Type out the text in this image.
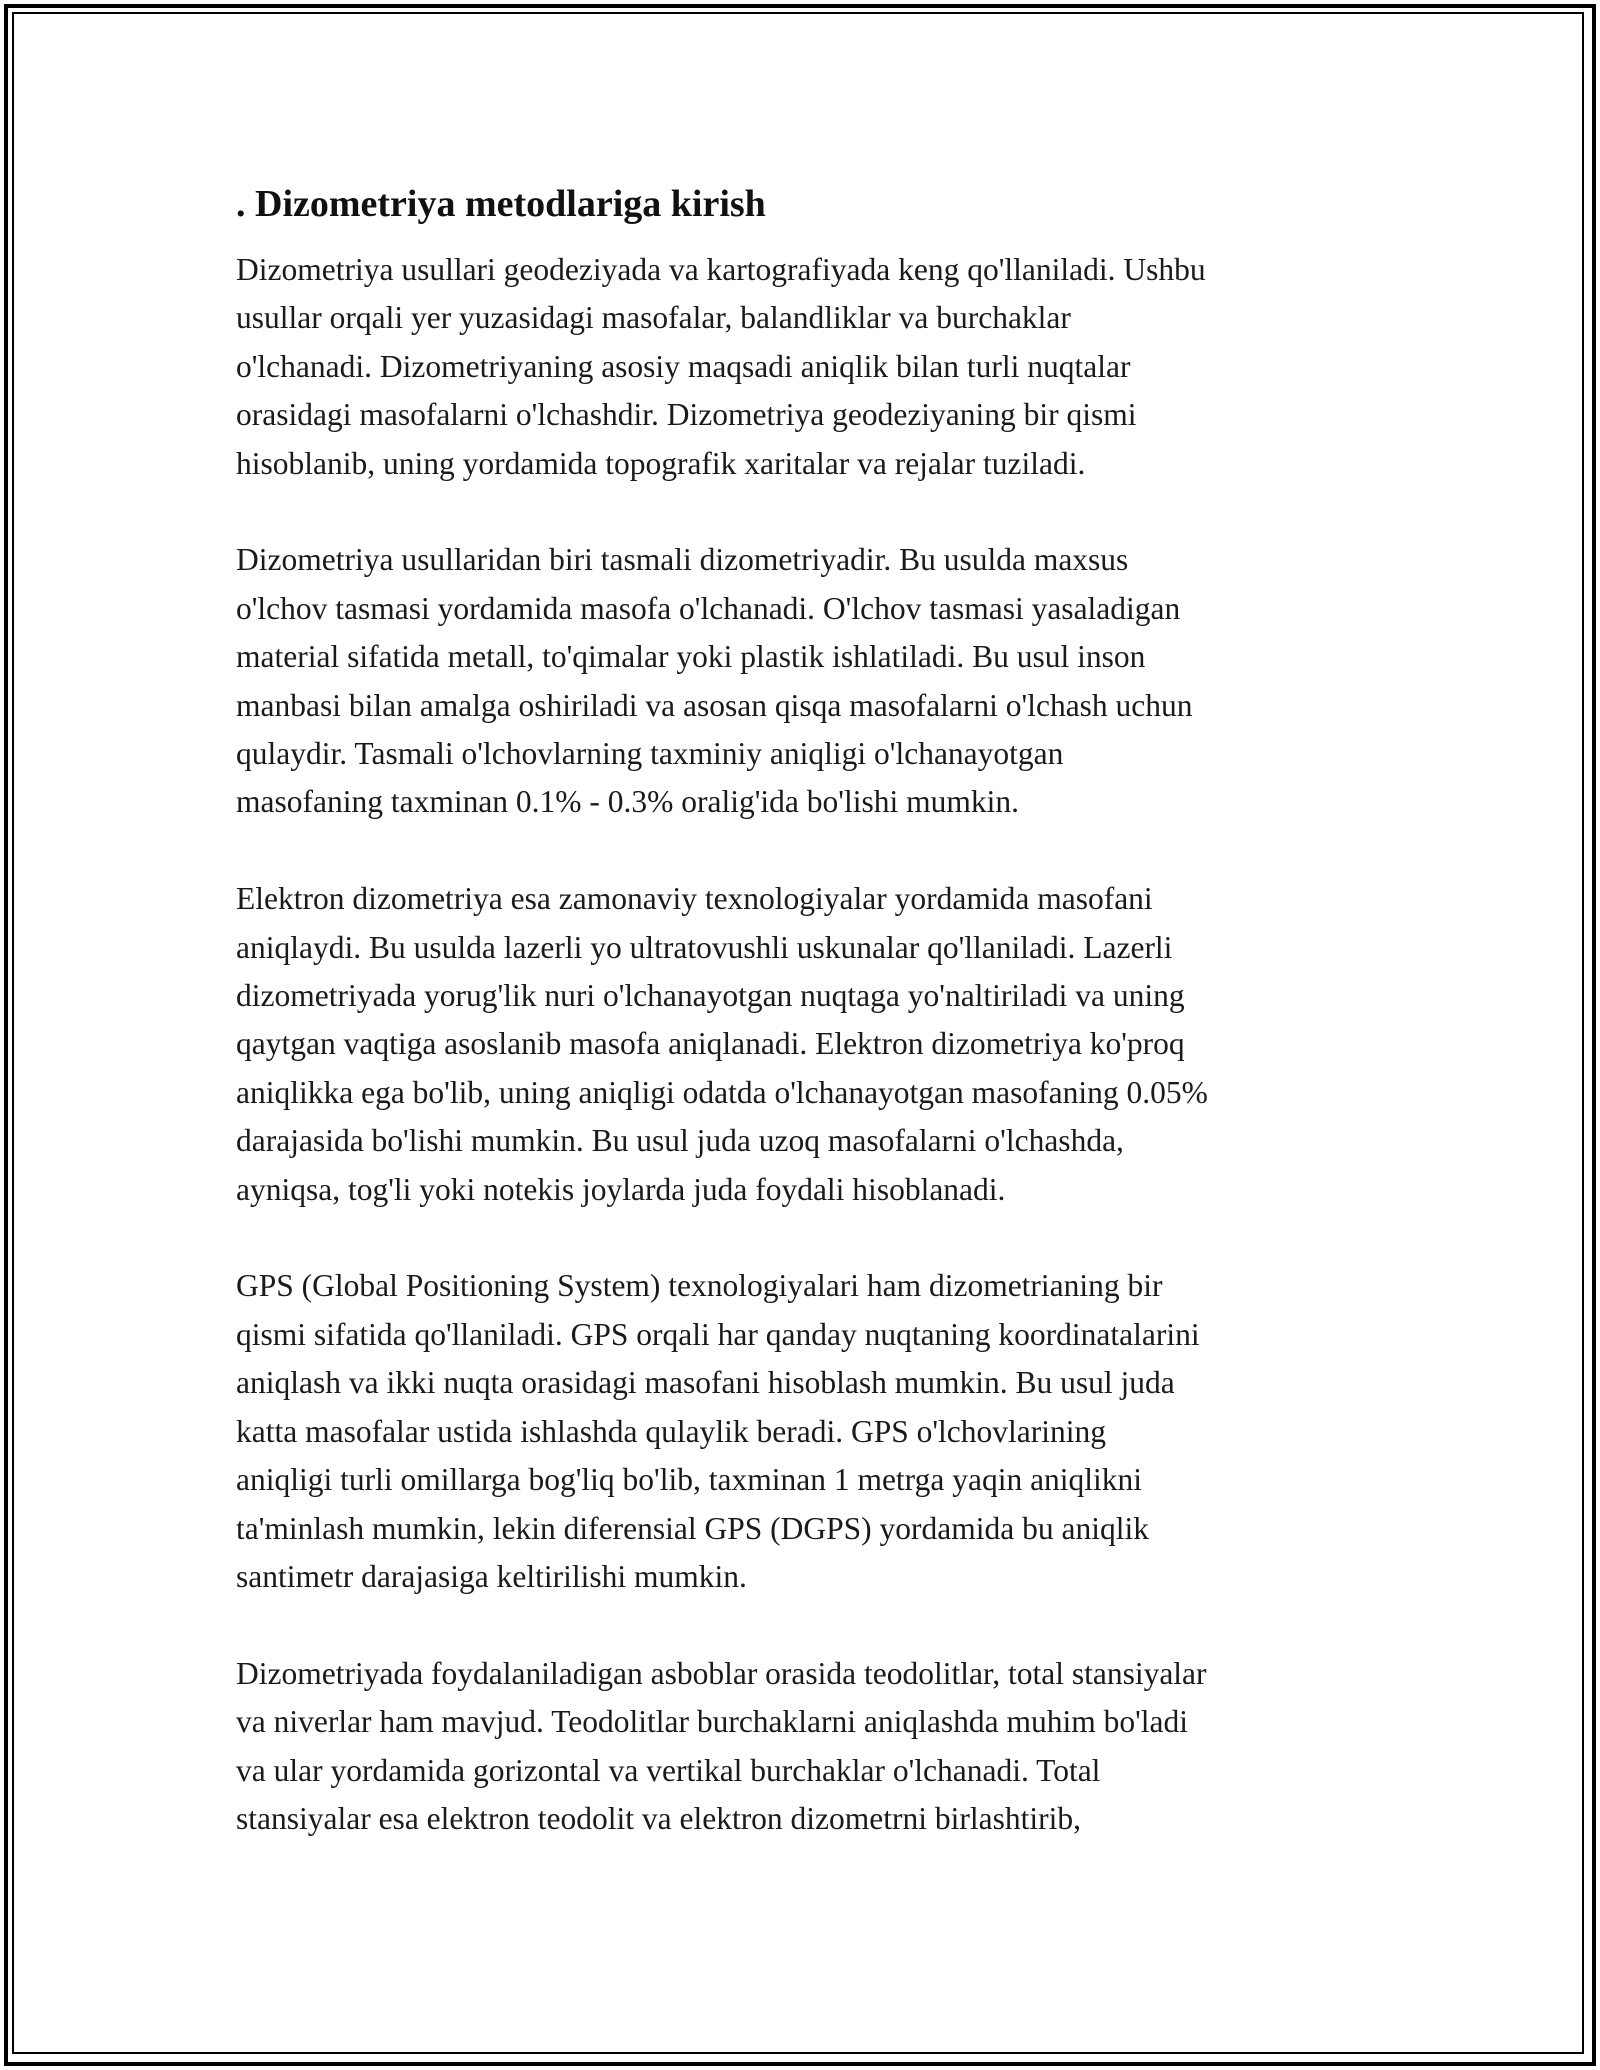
. Dizometriya metodlariga kirish
Dizometriya usullari geodeziyada va kartografiyada keng qo'llaniladi. Ushbu
usullar orqali yer yuzasidagi masofalar, balandliklar va burchaklar
o'lchanadi. Dizometriyaning asosiy maqsadi aniqlik bilan turli nuqtalar
orasidagi masofalarni o'lchashdir. Dizometriya geodeziyaning bir qismi
hisoblanib, uning yordamida topografik xaritalar va rejalar tuziladi.
Dizometriya usullaridan biri tasmali dizometriyadir. Bu usulda maxsus
o'lchov tasmasi yordamida masofa o'lchanadi. O'lchov tasmasi yasaladigan
material sifatida metall, to'qimalar yoki plastik ishlatiladi. Bu usul inson
manbasi bilan amalga oshiriladi va asosan qisqa masofalarni o'lchash uchun
qulaydir. Tasmali o'lchovlarning taxminiy aniqligi o'lchanayotgan
masofaning taxminan 0.1% - 0.3% oralig'ida bo'lishi mumkin.
Elektron dizometriya esa zamonaviy texnologiyalar yordamida masofani
aniqlaydi. Bu usulda lazerli yo ultratovushli uskunalar qo'llaniladi. Lazerli
dizometriyada yorug'lik nuri o'lchanayotgan nuqtaga yo'naltiriladi va uning
qaytgan vaqtiga asoslanib masofa aniqlanadi. Elektron dizometriya ko'proq
aniqlikka ega bo'lib, uning aniqligi odatda o'lchanayotgan masofaning 0.05%
darajasida bo'lishi mumkin. Bu usul juda uzoq masofalarni o'lchashda,
ayniqsa, tog'li yoki notekis joylarda juda foydali hisoblanadi.
GPS (Global Positioning System) texnologiyalari ham dizometrianing bir
qismi sifatida qo'llaniladi. GPS orqali har qanday nuqtaning koordinatalarini
aniqlash va ikki nuqta orasidagi masofani hisoblash mumkin. Bu usul juda
katta masofalar ustida ishlashda qulaylik beradi. GPS o'lchovlarining
aniqligi turli omillarga bog'liq bo'lib, taxminan 1 metrga yaqin aniqlikni
ta'minlash mumkin, lekin diferensial GPS (DGPS) yordamida bu aniqlik
santimetr darajasiga keltirilishi mumkin.
Dizometriyada foydalaniladigan asboblar orasida teodolitlar, total stansiyalar
va niverlar ham mavjud. Teodolitlar burchaklarni aniqlashda muhim bo'ladi
va ular yordamida gorizontal va vertikal burchaklar o'lchanadi. Total
stansiyalar esa elektron teodolit va elektron dizometrni birlashtirib,
